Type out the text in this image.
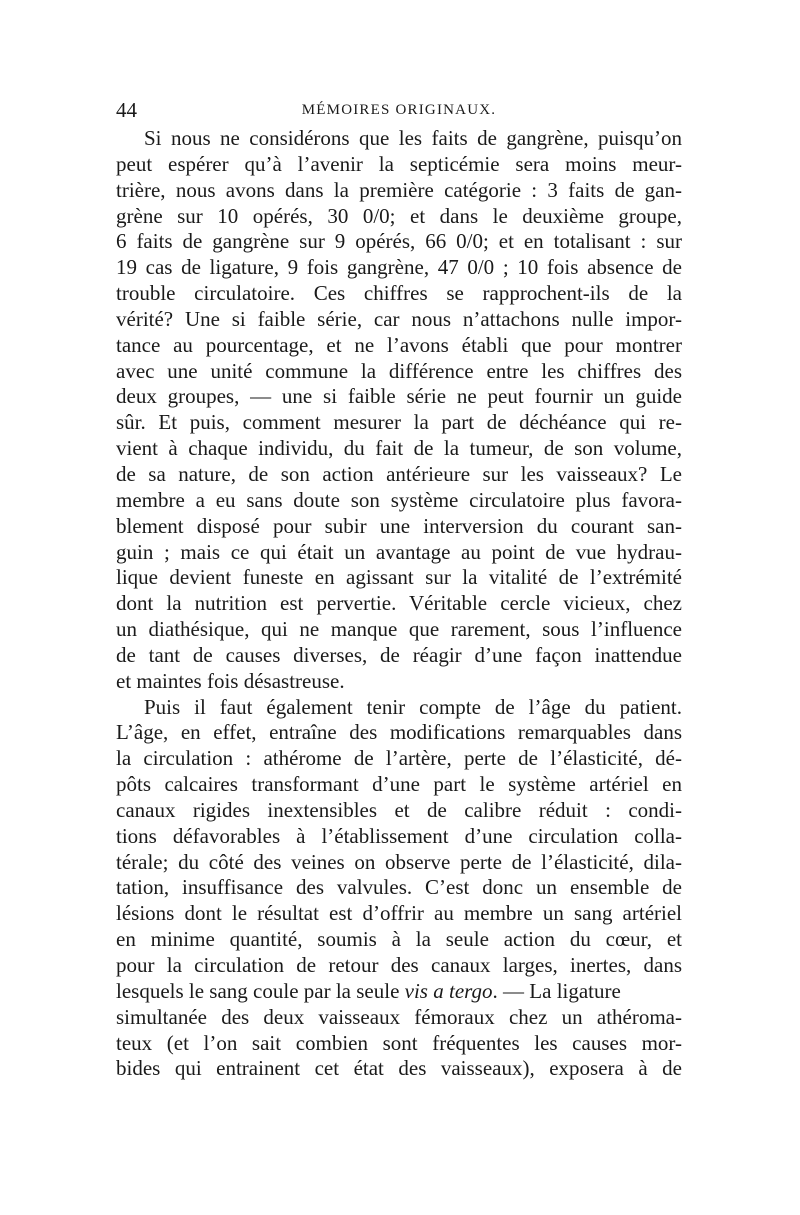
44	MÉMOIRES ORIGINAUX.
Si nous ne considérons que les faits de gangrène, puisqu’on
peut espérer qu’à l’avenir la septicémie sera moins meur-
trière, nous avons dans la première catégorie : 3 faits de gan-
grène sur 10 opérés, 30 0/0; et dans le deuxième groupe,
6 faits de gangrène sur 9 opérés, 66 0/0; et en totalisant : sur
19 cas de ligature, 9 fois gangrène, 47 0/0 ; 10 fois absence de
trouble circulatoire. Ces chiffres se rapprochent-ils de la
vérité? Une si faible série, car nous n’attachons nulle impor-
tance au pourcentage, et ne l’avons établi que pour montrer
avec une unité commune la différence entre les chiffres des
deux groupes, — une si faible série ne peut fournir un guide
sûr. Et puis, comment mesurer la part de déchéance qui re-
vient à chaque individu, du fait de la tumeur, de son volume,
de sa nature, de son action antérieure sur les vaisseaux? Le
membre a eu sans doute son système circulatoire plus favora-
blement disposé pour subir une interversion du courant san-
guin ; mais ce qui était un avantage au point de vue hydrau-
lique devient funeste en agissant sur la vitalité de l’extrémité
dont la nutrition est pervertie. Véritable cercle vicieux, chez
un diathésique, qui ne manque que rarement, sous l’influence
de tant de causes diverses, de réagir d’une façon inattendue
et maintes fois désastreuse.
Puis il faut également tenir compte de l’âge du patient.
L’âge, en effet, entraîne des modifications remarquables dans
la circulation : athérome de l’artère, perte de l’élasticité, dé-
pôts calcaires transformant d’une part le système artériel en
canaux rigides inextensibles et de calibre réduit : condi-
tions défavorables à l’établissement d’une circulation colla-
térale; du côté des veines on observe perte de l’élasticité, dila-
tation, insuffisance des valvules. C’est donc un ensemble de
lésions dont le résultat est d’offrir au membre un sang artériel
en minime quantité, soumis à la seule action du cœur, et
pour la circulation de retour des canaux larges, inertes, dans
lesquels le sang coule par la seule vis a tergo. — La ligature
simultanée des deux vaisseaux fémoraux chez un athéroma-
teux (et l’on sait combien sont fréquentes les causes mor-
bides qui entrainent cet état des vaisseaux), exposera à de
